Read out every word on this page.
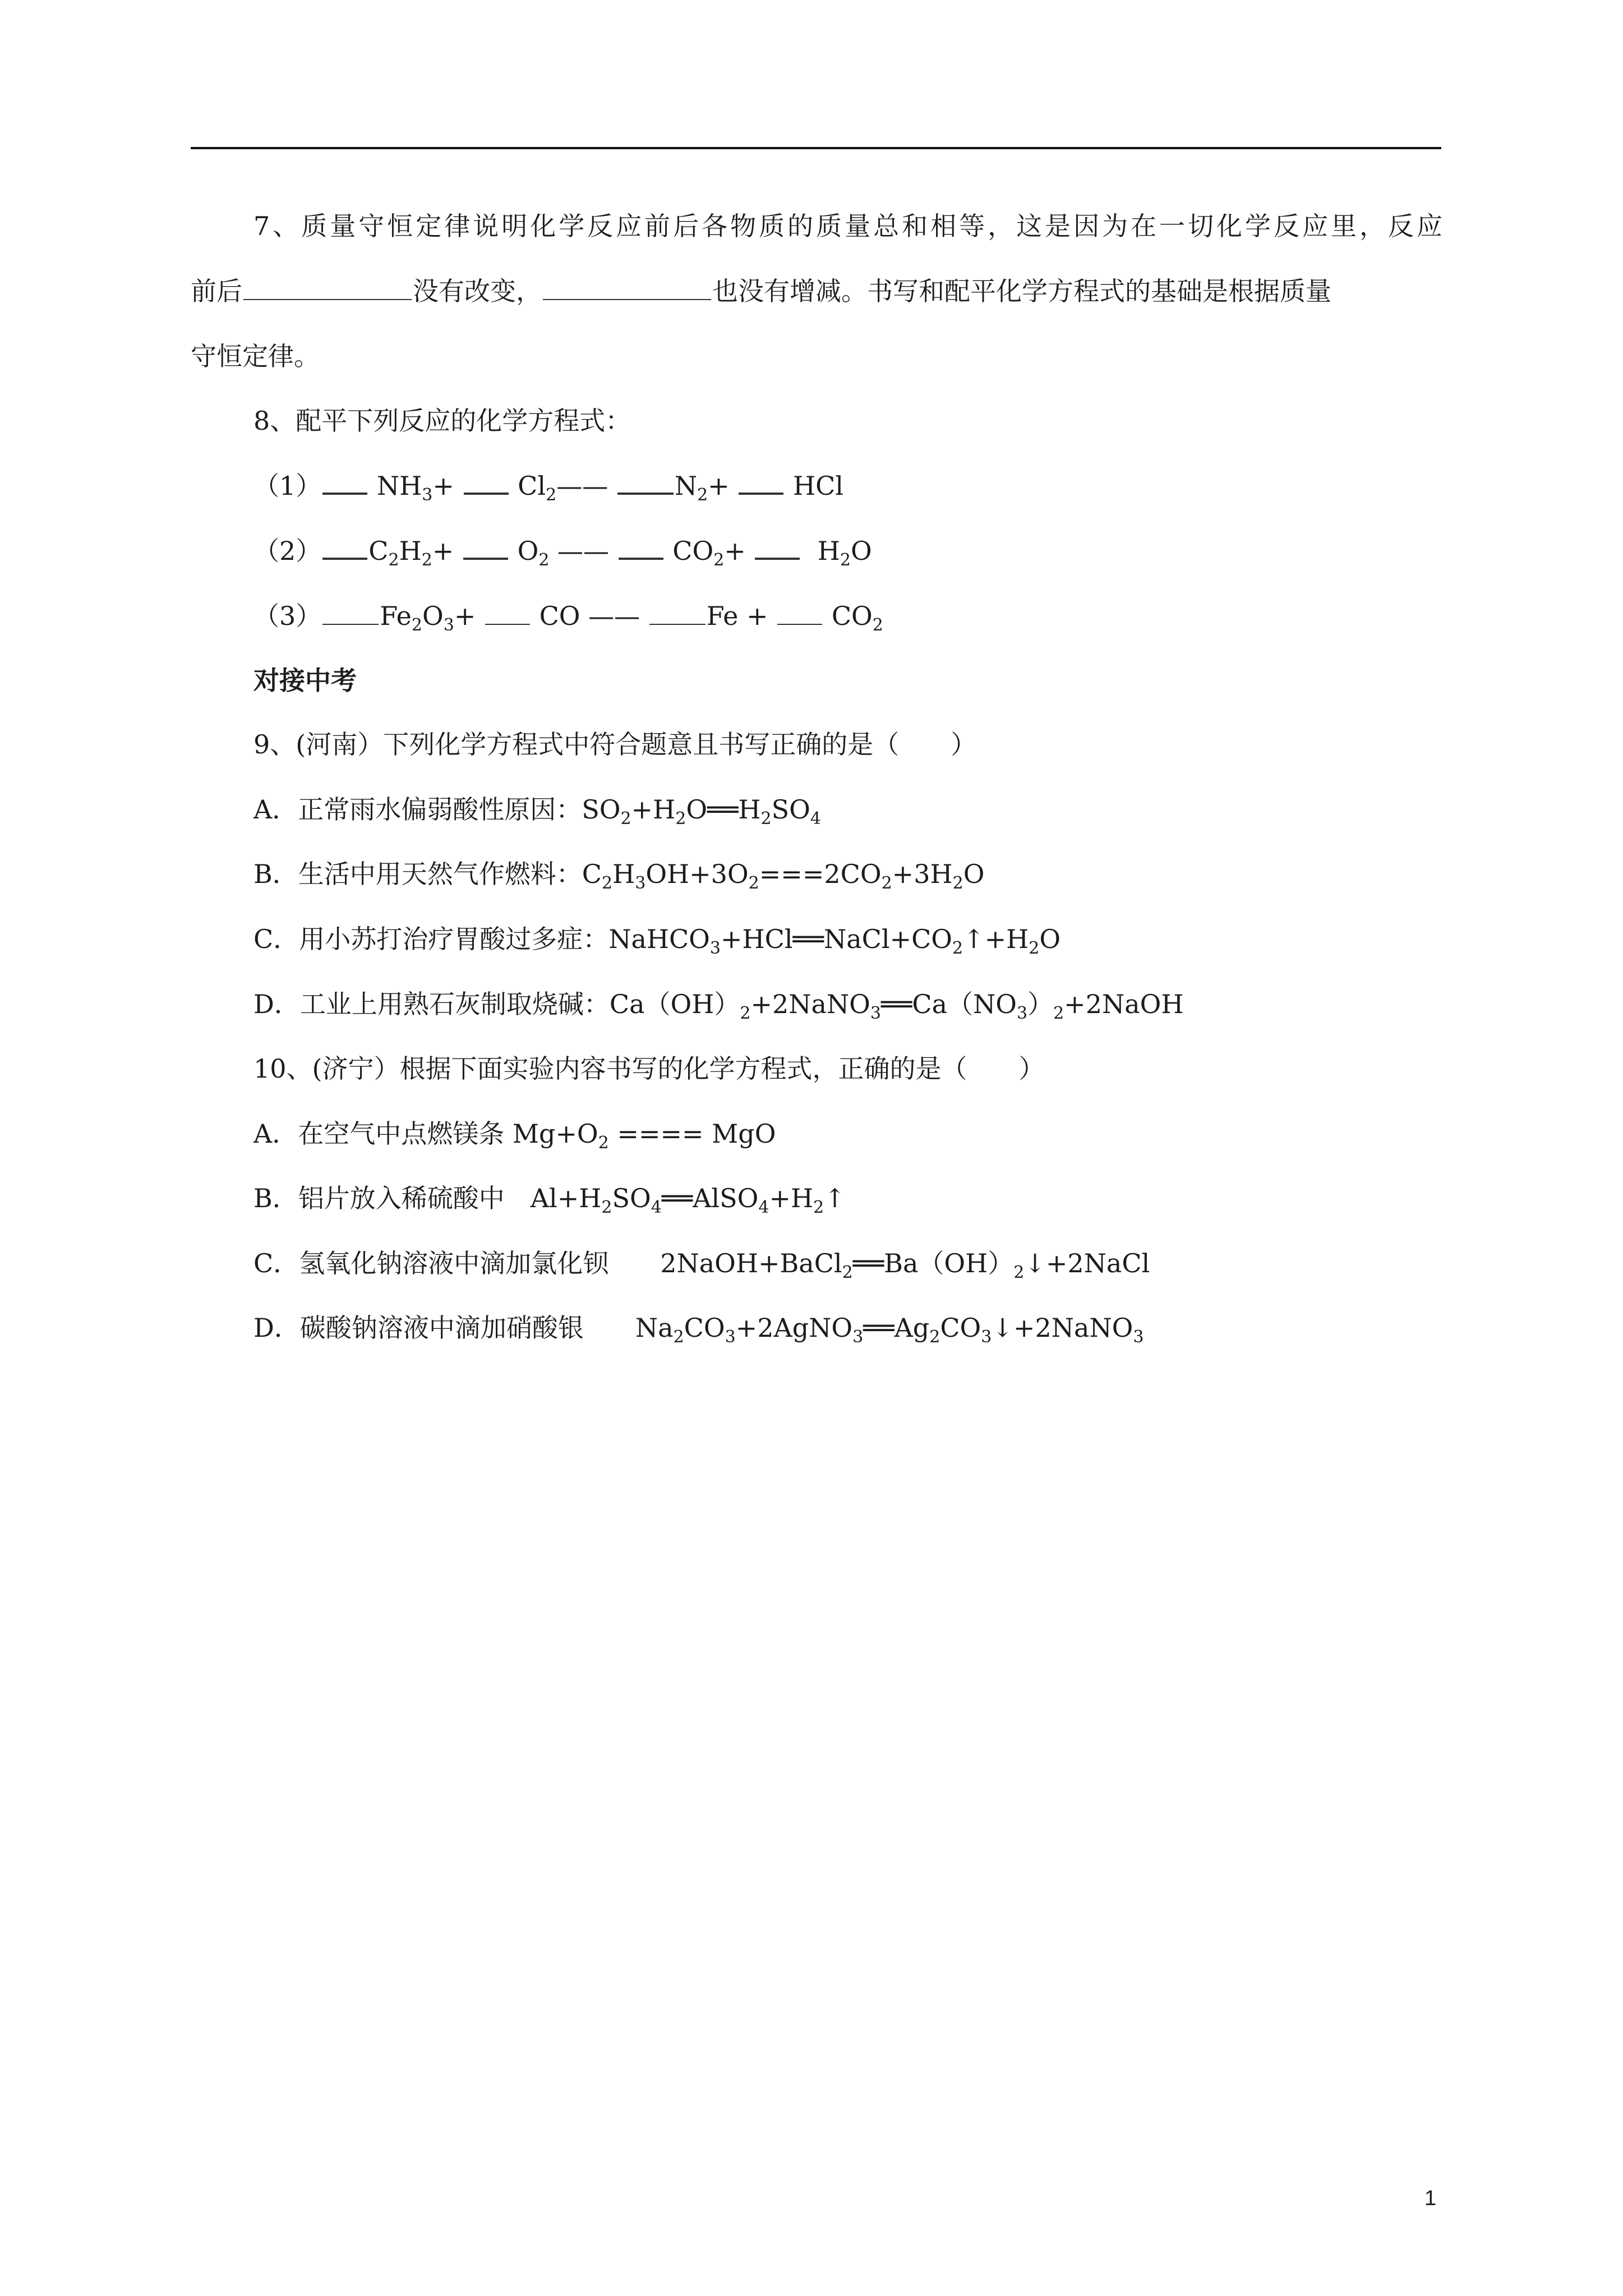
7、质量守恒定律说明化学反应前后各物质的质量总和相等，这是因为在一切化学反应里，反应
前后	没有改变，	也没有增减。书写和配平化学方程式的基础是根据质量
守恒定律。
8、配平下列反应的化学方程式：
（1） $NH_3+$ $Cl_2——$	$N_2+$ HCl
（2） $C_2H_2+ O_2$ —— $CO_2+$	$H_2O$
（3） $Fe_2O_3+$ CO ——	$Fe + CO_2$
对接中考
9、(河南）下列化学方程式中符合题意且书写正确的是（　　）
A．正常雨水偏弱酸性原因：$SO_2+H_2O══H_2SO_4$
B．生活中用天然气作燃料：$C_2H_3OH+3O_2===2CO_2+3H_2O$
C．用小苏打治疗胃酸过多症：$NaHCO_3+HCl══NaCl+CO_2↑+H_2O$
D．工业上用熟石灰制取烧碱：$Ca(OH)_2+2NaNO_3══Ca(NO_3)_2+2NaOH$
10、(济宁）根据下面实验内容书写的化学方程式，正确的是（　　）
A．在空气中点燃镁条 $Mg+O_2$ ==== MgO
B．铝片放入稀硫酸中　$Al+H_2SO_4══AlSO_4+H_2↑$
C．氢氧化钠溶液中滴加氯化钡　　$2NaOH+BaCl_2══Ba(OH)_2↓+2NaCl$
D．碳酸钠溶液中滴加硝酸银　　$Na_2CO_3+2AgNO_3══Ag_2CO_3↓+2NaNO_3$
1
